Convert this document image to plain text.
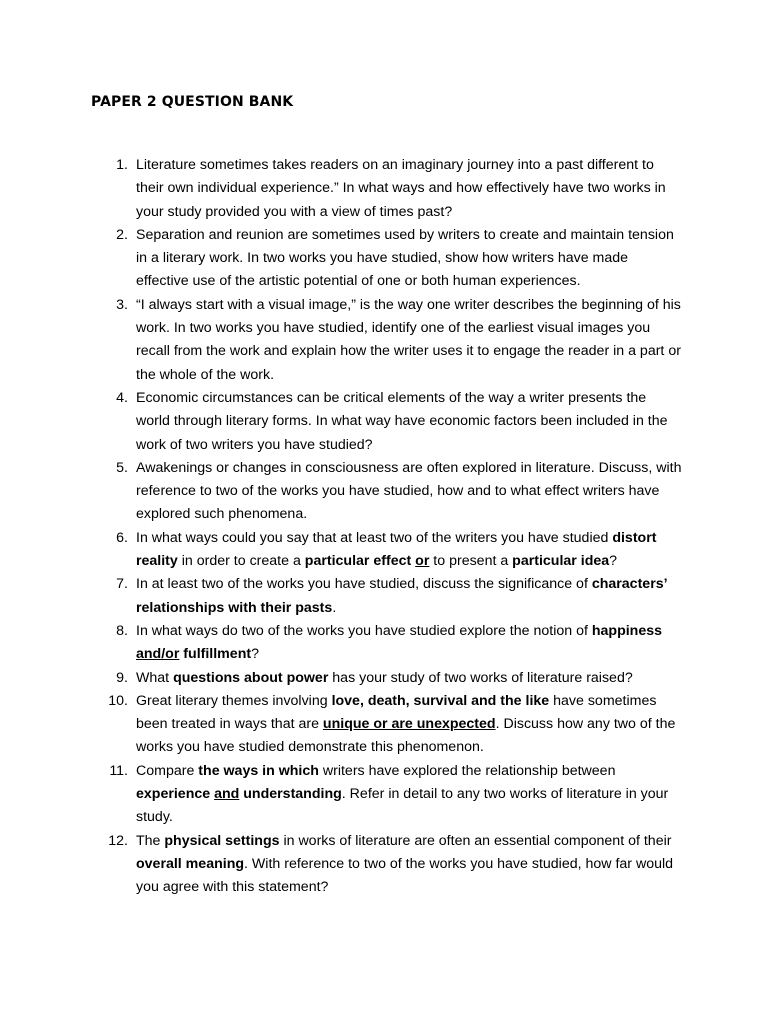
PAPER 2 QUESTION BANK
1. Literature sometimes takes readers on an imaginary journey into a past different to their own individual experience.” In what ways and how effectively have two works in your study provided you with a view of times past?
2. Separation and reunion are sometimes used by writers to create and maintain tension in a literary work. In two works you have studied, show how writers have made effective use of the artistic potential of one or both human experiences.
3. “I always start with a visual image,” is the way one writer describes the beginning of his work. In two works you have studied, identify one of the earliest visual images you recall from the work and explain how the writer uses it to engage the reader in a part or the whole of the work.
4. Economic circumstances can be critical elements of the way a writer presents the world through literary forms. In what way have economic factors been included in the work of two writers you have studied?
5. Awakenings or changes in consciousness are often explored in literature. Discuss, with reference to two of the works you have studied, how and to what effect writers have explored such phenomena.
6. In what ways could you say that at least two of the writers you have studied distort reality in order to create a particular effect or to present a particular idea?
7. In at least two of the works you have studied, discuss the significance of characters’ relationships with their pasts.
8. In what ways do two of the works you have studied explore the notion of happiness and/or fulfillment?
9. What questions about power has your study of two works of literature raised?
10. Great literary themes involving love, death, survival and the like have sometimes been treated in ways that are unique or are unexpected. Discuss how any two of the works you have studied demonstrate this phenomenon.
11. Compare the ways in which writers have explored the relationship between experience and understanding. Refer in detail to any two works of literature in your study.
12. The physical settings in works of literature are often an essential component of their overall meaning. With reference to two of the works you have studied, how far would you agree with this statement?
